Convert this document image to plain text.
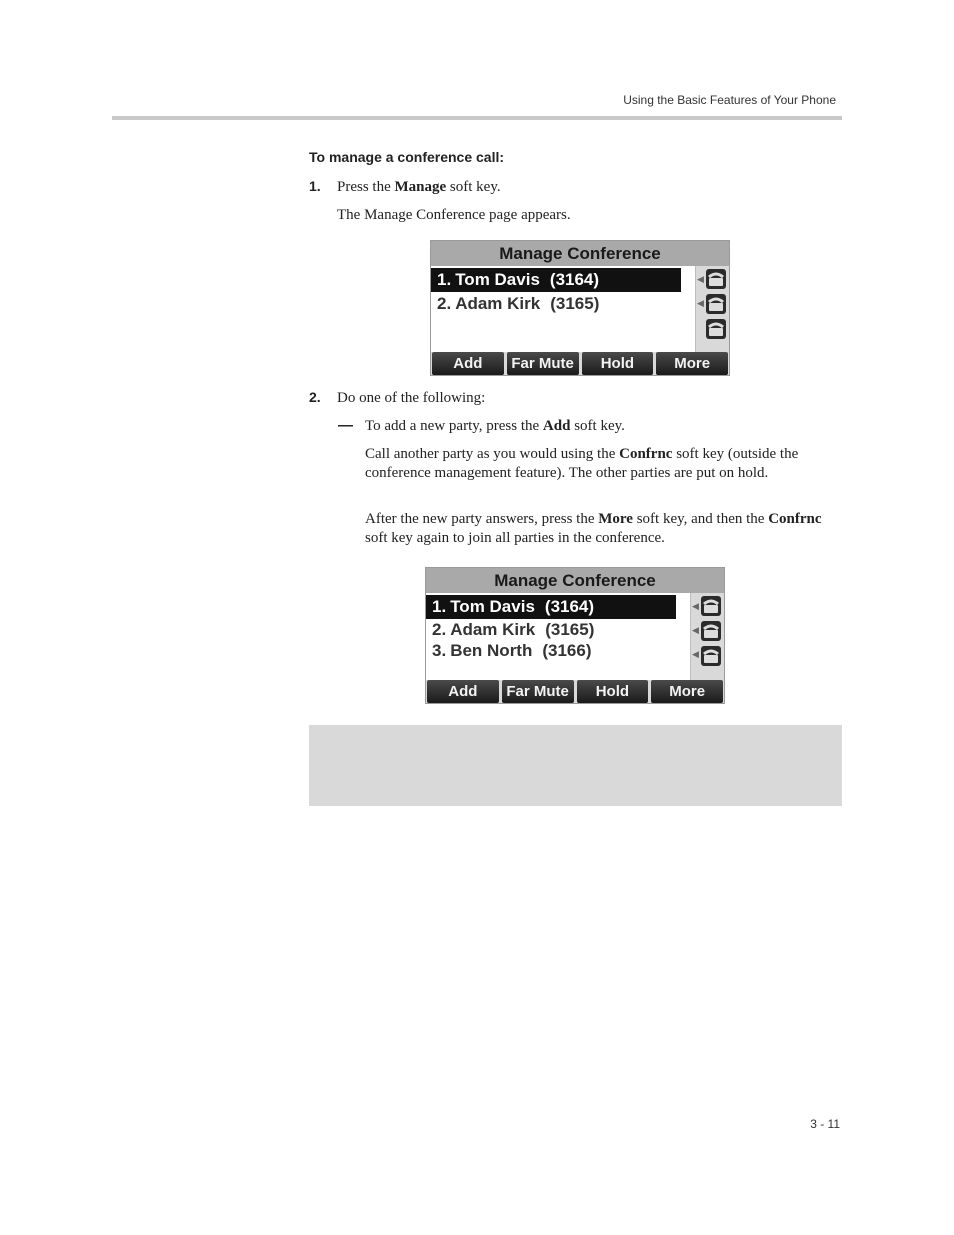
Using the Basic Features of Your Phone
To manage a conference call:
1. Press the Manage soft key.
The Manage Conference page appears.
Manage Conference
1. Tom Davis (3164)
2. Adam Kirk (3165)
◀
◀
Add	Far Mute	Hold	More
2. Do one of the following:
— To add a new party, press the Add soft key.
Call another party as you would using the Confrnc soft key (outside the conference management feature). The other parties are put on hold.
After the new party answers, press the More soft key, and then the Confrnc soft key again to join all parties in the conference.
Manage Conference
1. Tom Davis (3164)
2. Adam Kirk (3165)
3. Ben North (3166)
◀
◀
◀
Add	Far Mute	Hold	More
3 - 11
